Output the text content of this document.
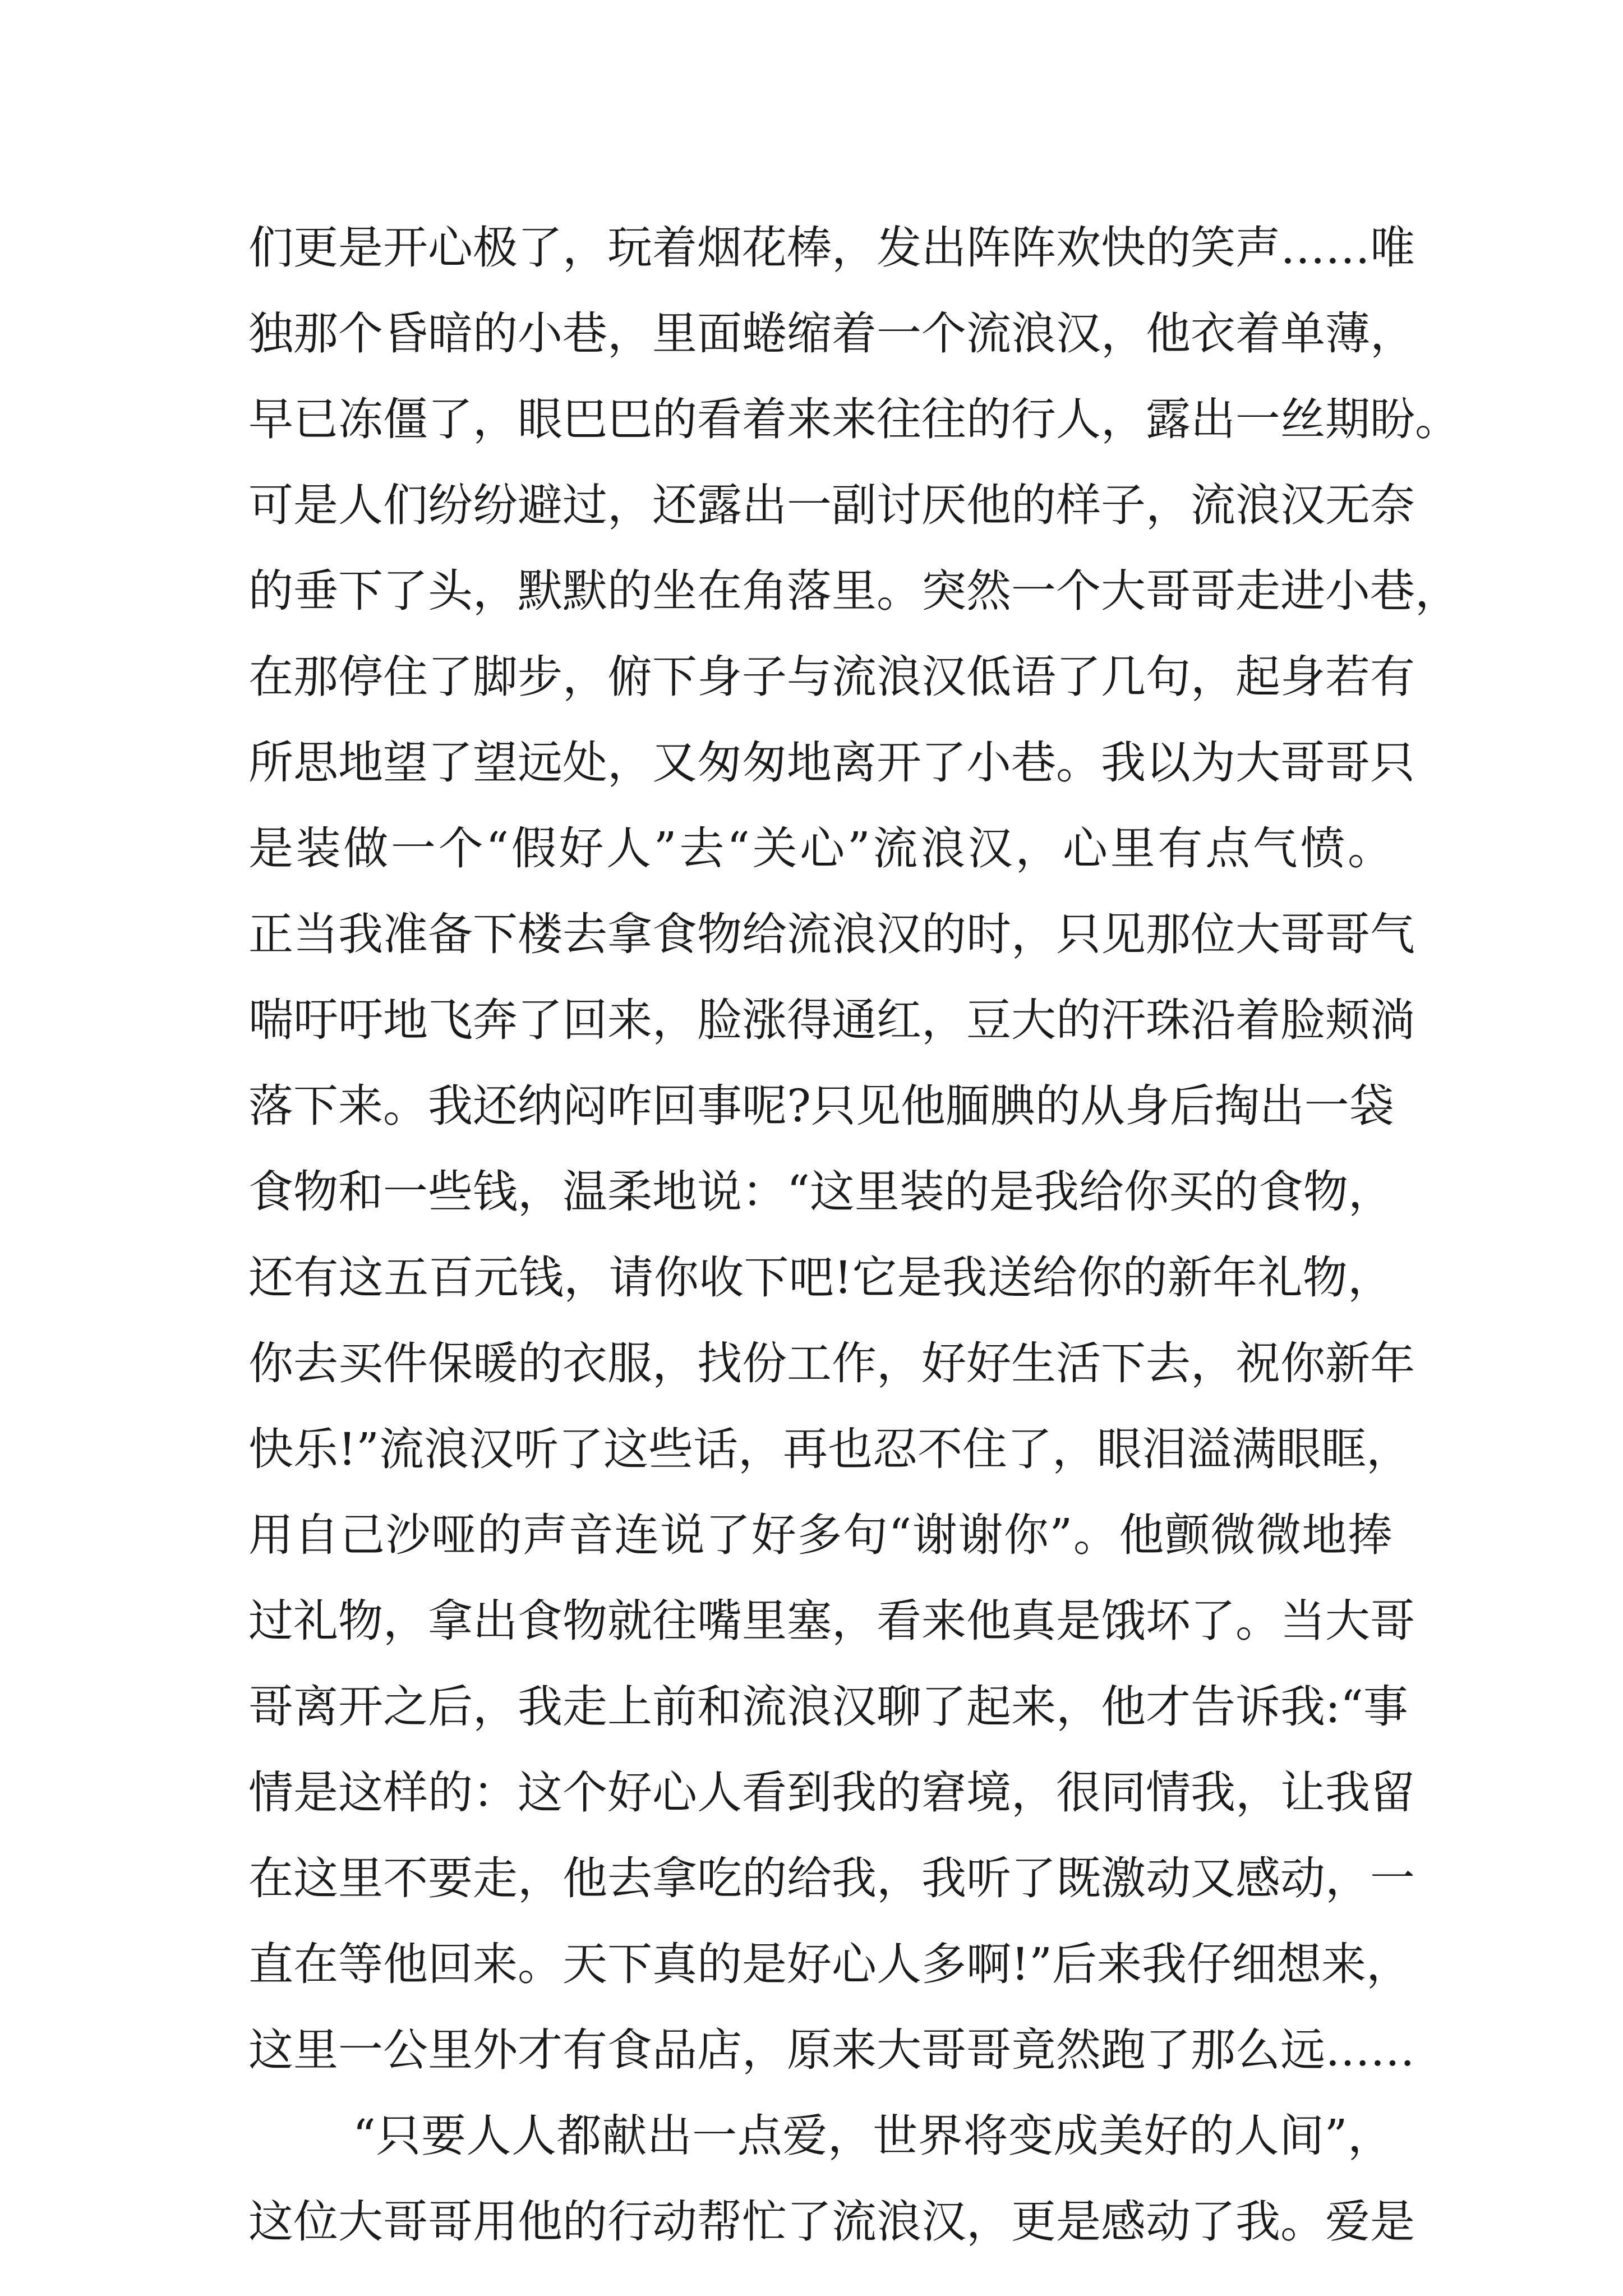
们更是开心极了，玩着烟花棒，发出阵阵欢快的笑声……唯
独那个昏暗的小巷，里面蜷缩着一个流浪汉，他衣着单薄，
早已冻僵了，眼巴巴的看着来来往往的行人，露出一丝期盼。
可是人们纷纷避过，还露出一副讨厌他的样子，流浪汉无奈
的垂下了头，默默的坐在角落里。突然一个大哥哥走进小巷，
在那停住了脚步，俯下身子与流浪汉低语了几句，起身若有
所思地望了望远处，又匆匆地离开了小巷。我以为大哥哥只
是装做一个“假好人”去“关心”流浪汉，心里有点气愤。
正当我准备下楼去拿食物给流浪汉的时，只见那位大哥哥气
喘吁吁地飞奔了回来，脸涨得通红，豆大的汗珠沿着脸颊淌
落下来。我还纳闷咋回事呢?只见他腼腆的从身后掏出一袋
食物和一些钱，温柔地说：“这里装的是我给你买的食物，
还有这五百元钱，请你收下吧!它是我送给你的新年礼物，
你去买件保暖的衣服，找份工作，好好生活下去，祝你新年
快乐!”流浪汉听了这些话，再也忍不住了，眼泪溢满眼眶，
用自己沙哑的声音连说了好多句“谢谢你”。他颤微微地捧
过礼物，拿出食物就往嘴里塞，看来他真是饿坏了。当大哥
哥离开之后，我走上前和流浪汉聊了起来，他才告诉我:“事
情是这样的：这个好心人看到我的窘境，很同情我，让我留
在这里不要走，他去拿吃的给我，我听了既激动又感动，一
直在等他回来。天下真的是好心人多啊!”后来我仔细想来，
这里一公里外才有食品店，原来大哥哥竟然跑了那么远……
“只要人人都献出一点爱，世界将变成美好的人间”，
这位大哥哥用他的行动帮忙了流浪汉，更是感动了我。爱是
